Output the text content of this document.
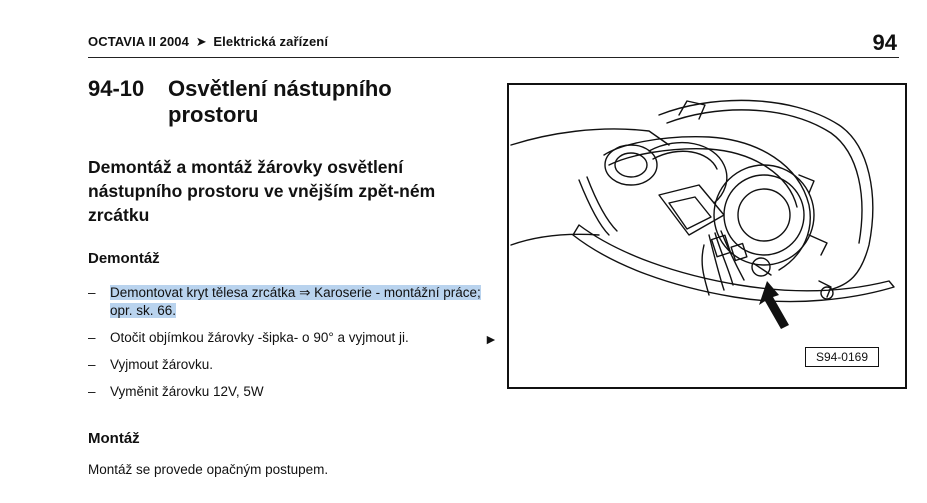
OCTAVIA II 2004 ➤ Elektrická zařízení	94
94-10 Osvětlení nástupního
prostoru
Demontáž a montáž žárovky osvětlení nástupního prostoru ve vnějším zpět-ném zrcátku
Demontáž
– Demontovat kryt tělesa zrcátka ⇒ Karoserie - montážní práce; opr. sk. 66.
– Otočit objímkou žárovky -šipka- o 90° a vyjmout ji.
– Vyjmout žárovku.
– Vyměnit žárovku 12V, 5W
►
Montáž
Montáž se provede opačným postupem.
S94-0169
